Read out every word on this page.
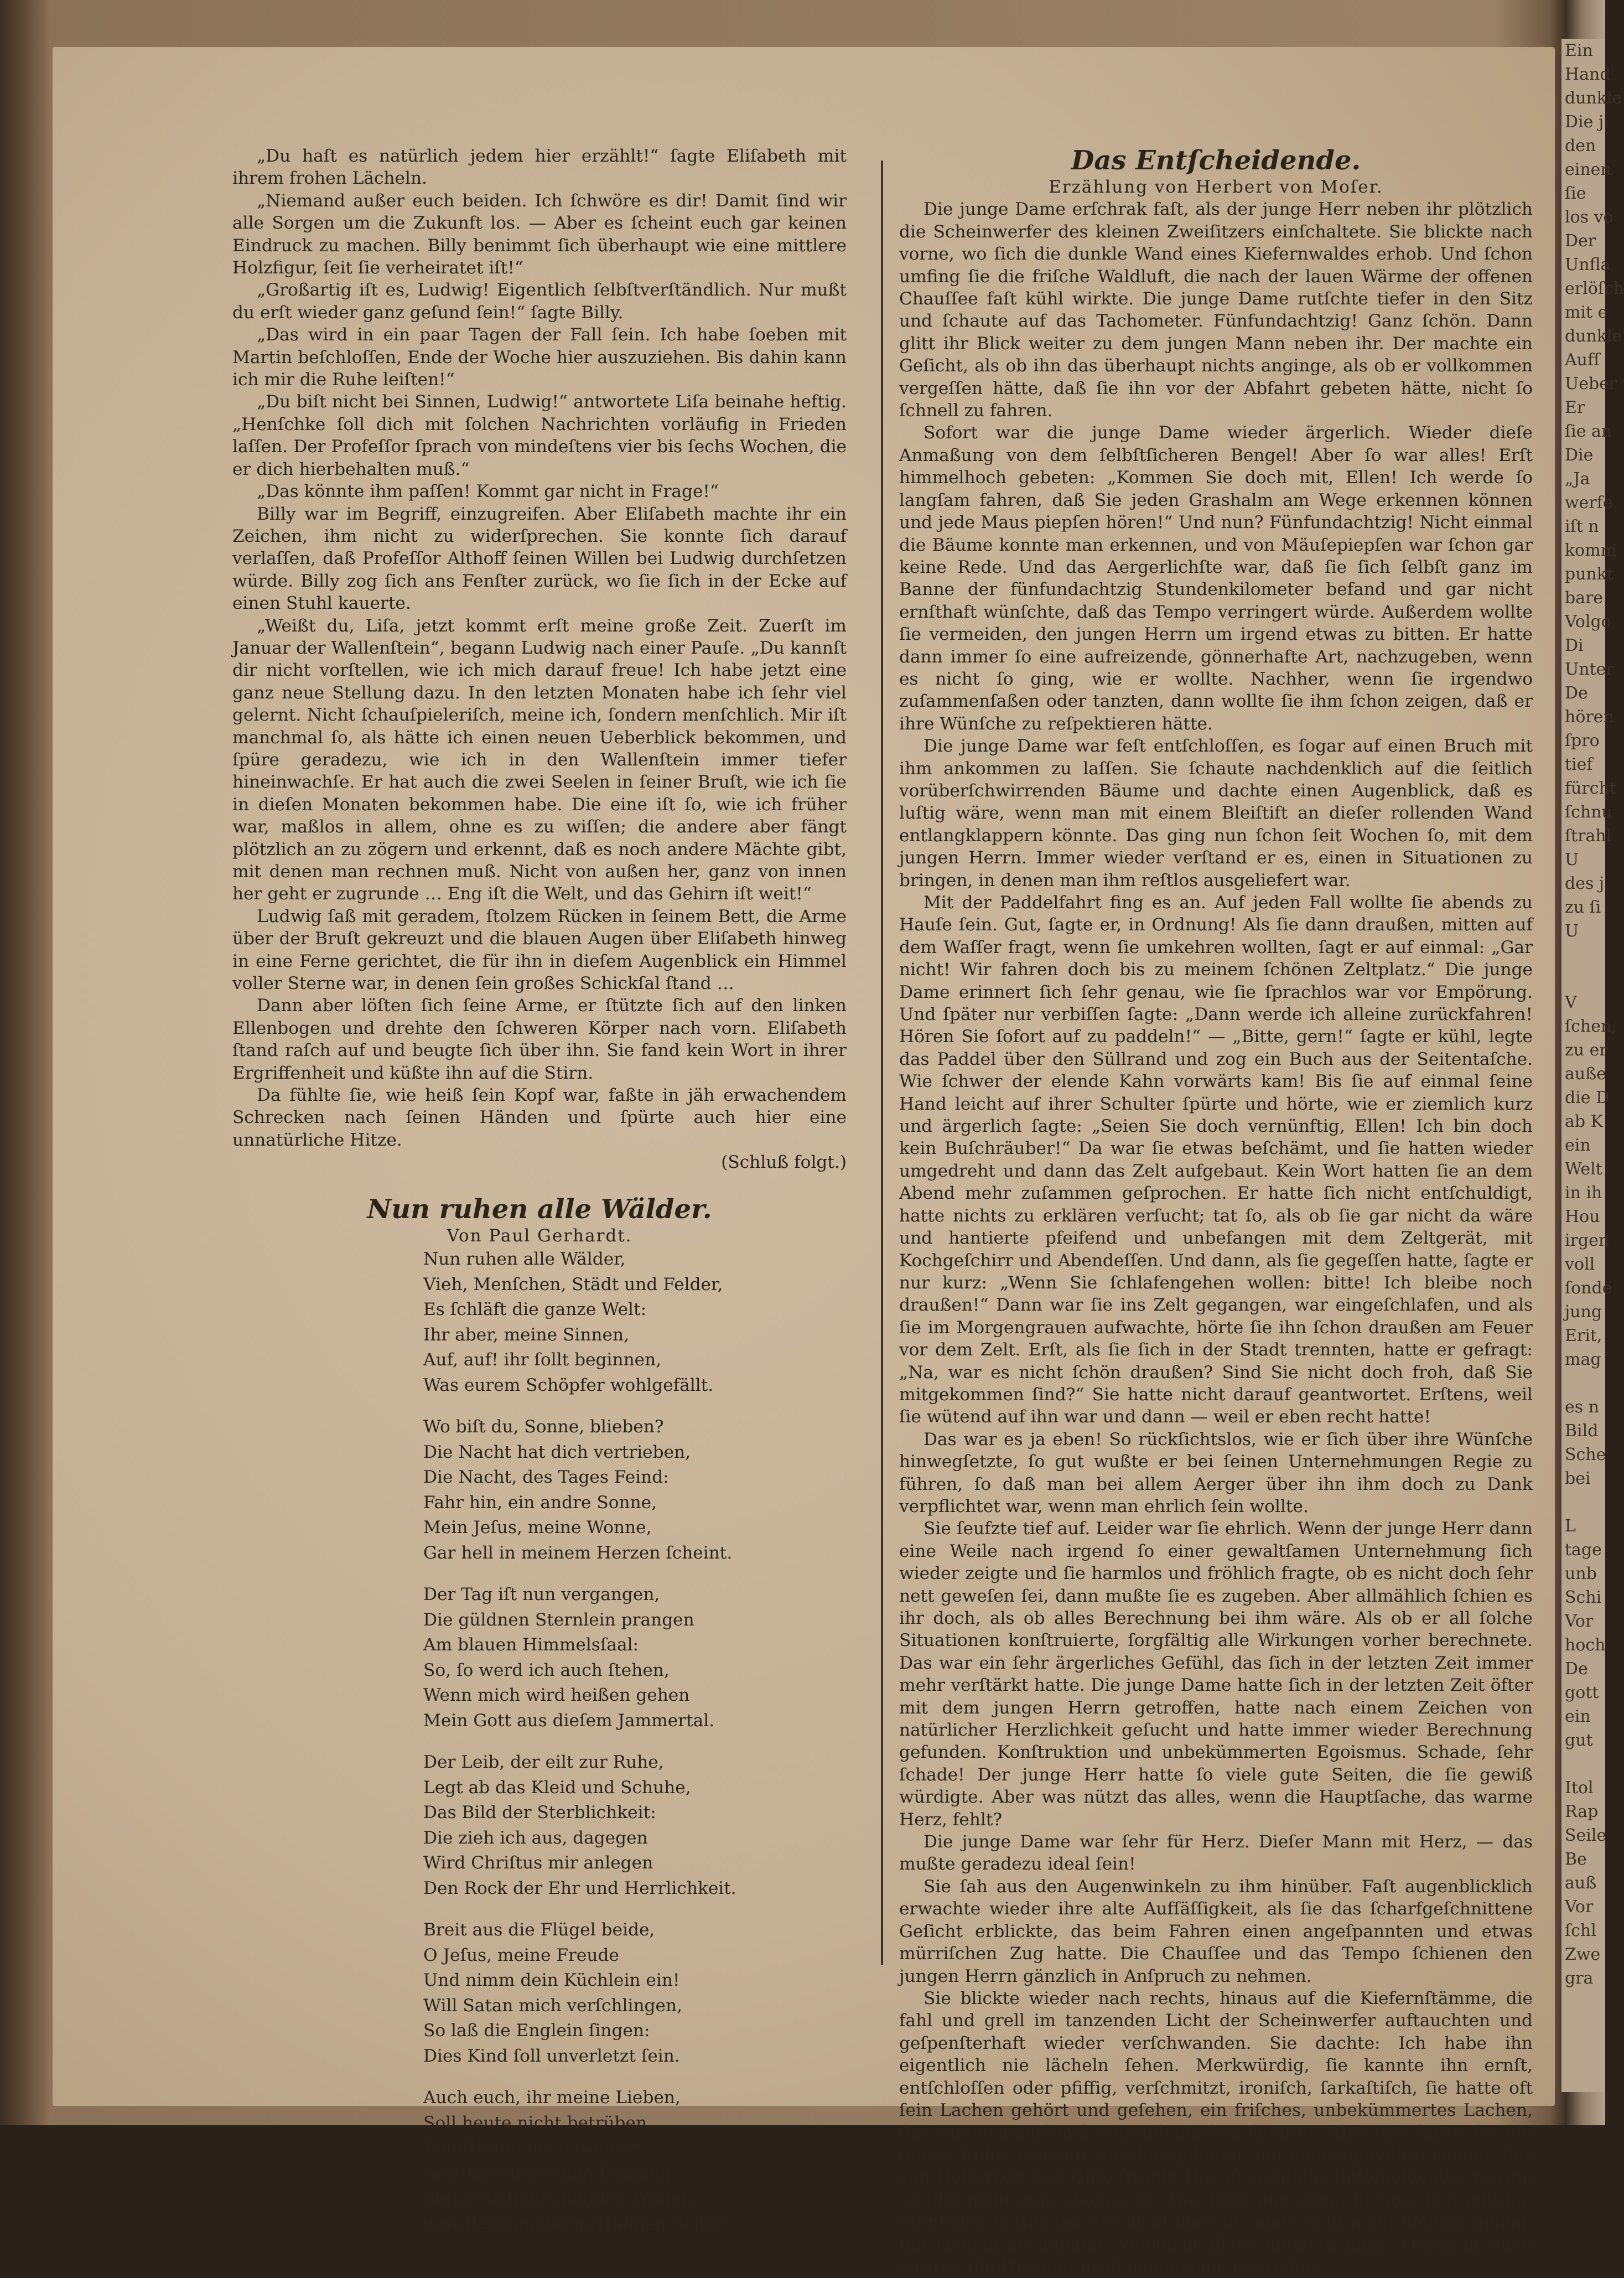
Ein
Hand
dunkle
Die j
den
einen
ſie
los vo
Der
Unfla
erlöſch
mit e
dunkle
Aufſ
Ueber
Er
ſie an
Die
„Ja
werfe
iſt n
komm
punkt
bare
Volgo
Di
Unter
De
hören
ſpro
tief
fürcht
ſchnu
ſtrahl
U
des j
zu ſi
U

V
ſchen,
zu er
auße
die D
ab K
ein
Welt
in ih
Hou
irgen
voll
ſonde
jung
Erit,
mag

es n
Bild
Sche
bei

L
tage
unb
Schi
Vor
hoch
De
gott
ein
gut

Itol
Rap
Seile
Be
auß
Vor
ſchl
Zwe
gra

„Du haſt es natürlich jedem hier erzählt!“ ſagte Eliſabeth mit ihrem frohen Lächeln.

„Niemand außer euch beiden. Ich ſchwöre es dir! Damit ſind wir alle Sorgen um die Zukunft los. — Aber es ſcheint euch gar keinen Eindruck zu machen. Billy benimmt ſich überhaupt wie eine mittlere Holzfigur, ſeit ſie verheiratet iſt!“

„Großartig iſt es, Ludwig! Eigentlich ſelbſtverſtändlich. Nur mußt du erſt wieder ganz geſund ſein!“ ſagte Billy.

„Das wird in ein paar Tagen der Fall ſein. Ich habe ſoeben mit Martin beſchloſſen, Ende der Woche hier auszuziehen. Bis dahin kann ich mir die Ruhe leiſten!“

„Du biſt nicht bei Sinnen, Ludwig!“ antwortete Liſa beinahe heftig. „Henſchke ſoll dich mit ſolchen Nachrichten vorläufig in Frieden laſſen. Der Profeſſor ſprach von mindeſtens vier bis ſechs Wochen, die er dich hierbehalten muß.“

„Das könnte ihm paſſen! Kommt gar nicht in Frage!“

Billy war im Begriff, einzugreifen. Aber Eliſabeth machte ihr ein Zeichen, ihm nicht zu widerſprechen. Sie konnte ſich darauf verlaſſen, daß Profeſſor Althoff ſeinen Willen bei Ludwig durchſetzen würde. Billy zog ſich ans Fenſter zurück, wo ſie ſich in der Ecke auf einen Stuhl kauerte.

„Weißt du, Liſa, jetzt kommt erſt meine große Zeit. Zuerſt im Januar der Wallenſtein“, begann Ludwig nach einer Pauſe. „Du kannſt dir nicht vorſtellen, wie ich mich darauf freue! Ich habe jetzt eine ganz neue Stellung dazu. In den letzten Monaten habe ich ſehr viel gelernt. Nicht ſchauſpieleriſch, meine ich, ſondern menſchlich. Mir iſt manchmal ſo, als hätte ich einen neuen Ueberblick bekommen, und ſpüre geradezu, wie ich in den Wallenſtein immer tiefer hineinwachſe. Er hat auch die zwei Seelen in ſeiner Bruſt, wie ich ſie in dieſen Monaten bekommen habe. Die eine iſt ſo, wie ich früher war, maßlos in allem, ohne es zu wiſſen; die andere aber fängt plötzlich an zu zögern und erkennt, daß es noch andere Mächte gibt, mit denen man rechnen muß. Nicht von außen her, ganz von innen her geht er zugrunde … Eng iſt die Welt, und das Gehirn iſt weit!“

Ludwig ſaß mit geradem, ſtolzem Rücken in ſeinem Bett, die Arme über der Bruſt gekreuzt und die blauen Augen über Eliſabeth hinweg in eine Ferne gerichtet, die für ihn in dieſem Augenblick ein Himmel voller Sterne war, in denen ſein großes Schickſal ſtand …

Dann aber löſten ſich ſeine Arme, er ſtützte ſich auf den linken Ellenbogen und drehte den ſchweren Körper nach vorn. Eliſabeth ſtand raſch auf und beugte ſich über ihn. Sie fand kein Wort in ihrer Ergriffenheit und küßte ihn auf die Stirn.

Da fühlte ſie, wie heiß ſein Kopf war, faßte in jäh erwachendem Schrecken nach ſeinen Händen und ſpürte auch hier eine unnatürliche Hitze.

(Schluß folgt.)

Nun ruhen alle Wälder.

Von Paul Gerhardt.

Nun ruhen alle Wälder,
Vieh, Menſchen, Städt und Felder,
Es ſchläft die ganze Welt:
Ihr aber, meine Sinnen,
Auf, auf! ihr ſollt beginnen,
Was eurem Schöpfer wohlgefällt.
Wo biſt du, Sonne, blieben?
Die Nacht hat dich vertrieben,
Die Nacht, des Tages Feind:
Fahr hin, ein andre Sonne,
Mein Jeſus, meine Wonne,
Gar hell in meinem Herzen ſcheint.
Der Tag iſt nun vergangen,
Die güldnen Sternlein prangen
Am blauen Himmelsſaal:
So, ſo werd ich auch ſtehen,
Wenn mich wird heißen gehen
Mein Gott aus dieſem Jammertal.
Der Leib, der eilt zur Ruhe,
Legt ab das Kleid und Schuhe,
Das Bild der Sterblichkeit:
Die zieh ich aus, dagegen
Wird Chriſtus mir anlegen
Den Rock der Ehr und Herrlichkeit.
Breit aus die Flügel beide,
O Jeſus, meine Freude
Und nimm dein Küchlein ein!
Will Satan mich verſchlingen,
So laß die Englein ſingen:
Dies Kind ſoll unverletzt ſein.
Auch euch, ihr meine Lieben,
Soll heute nicht betrüben
Kein Unfall noch Gefahr!
Gott laß euch ruhig ſchlafen,
Stellt euch die güldnen Waffen
ums Bett und ſeiner Helden Schar!

Das Entſcheidende.

Erzählung von Herbert von Moſer.

Die junge Dame erſchrak faſt, als der junge Herr neben ihr plötzlich die Scheinwerfer des kleinen Zweiſitzers einſchaltete. Sie blickte nach vorne, wo ſich die dunkle Wand eines Kiefernwaldes erhob. Und ſchon umfing ſie die friſche Waldluft, die nach der lauen Wärme der offenen Chauſſee faſt kühl wirkte. Die junge Dame rutſchte tiefer in den Sitz und ſchaute auf das Tachometer. Fünfundachtzig! Ganz ſchön. Dann glitt ihr Blick weiter zu dem jungen Mann neben ihr. Der machte ein Geſicht, als ob ihn das überhaupt nichts anginge, als ob er vollkommen vergeſſen hätte, daß ſie ihn vor der Abfahrt gebeten hätte, nicht ſo ſchnell zu fahren.

Sofort war die junge Dame wieder ärgerlich. Wieder dieſe Anmaßung von dem ſelbſtſicheren Bengel! Aber ſo war alles! Erſt himmelhoch gebeten: „Kommen Sie doch mit, Ellen! Ich werde ſo langſam fahren, daß Sie jeden Grashalm am Wege erkennen können und jede Maus piepſen hören!“ Und nun? Fünfundachtzig! Nicht einmal die Bäume konnte man erkennen, und von Mäuſepiepſen war ſchon gar keine Rede. Und das Aergerlichſte war, daß ſie ſich ſelbſt ganz im Banne der fünfundachtzig Stundenkilometer befand und gar nicht ernſthaft wünſchte, daß das Tempo verringert würde. Außerdem wollte ſie vermeiden, den jungen Herrn um irgend etwas zu bitten. Er hatte dann immer ſo eine aufreizende, gönnerhafte Art, nachzugeben, wenn es nicht ſo ging, wie er wollte. Nachher, wenn ſie irgendwo zuſammenſaßen oder tanzten, dann wollte ſie ihm ſchon zeigen, daß er ihre Wünſche zu reſpektieren hätte.

Die junge Dame war feſt entſchloſſen, es ſogar auf einen Bruch mit ihm ankommen zu laſſen. Sie ſchaute nachdenklich auf die ſeitlich vorüberſchwirrenden Bäume und dachte einen Augenblick, daß es luſtig wäre, wenn man mit einem Bleiſtift an dieſer rollenden Wand entlangklappern könnte. Das ging nun ſchon ſeit Wochen ſo, mit dem jungen Herrn. Immer wieder verſtand er es, einen in Situationen zu bringen, in denen man ihm reſtlos ausgeliefert war.

Mit der Paddelfahrt fing es an. Auf jeden Fall wollte ſie abends zu Hauſe ſein. Gut, ſagte er, in Ordnung! Als ſie dann draußen, mitten auf dem Waſſer fragt, wenn ſie umkehren wollten, ſagt er auf einmal: „Gar nicht! Wir fahren doch bis zu meinem ſchönen Zeltplatz.“ Die junge Dame erinnert ſich ſehr genau, wie ſie ſprachlos war vor Empörung. Und ſpäter nur verbiſſen ſagte: „Dann werde ich alleine zurückfahren! Hören Sie ſofort auf zu paddeln!“ — „Bitte, gern!“ ſagte er kühl, legte das Paddel über den Süllrand und zog ein Buch aus der Seitentaſche. Wie ſchwer der elende Kahn vorwärts kam! Bis ſie auf einmal ſeine Hand leicht auf ihrer Schulter ſpürte und hörte, wie er ziemlich kurz und ärgerlich ſagte: „Seien Sie doch vernünftig, Ellen! Ich bin doch kein Buſchräuber!“ Da war ſie etwas beſchämt, und ſie hatten wieder umgedreht und dann das Zelt aufgebaut. Kein Wort hatten ſie an dem Abend mehr zuſammen geſprochen. Er hatte ſich nicht entſchuldigt, hatte nichts zu erklären verſucht; tat ſo, als ob ſie gar nicht da wäre und hantierte pfeifend und unbefangen mit dem Zeltgerät, mit Kochgeſchirr und Abendeſſen. Und dann, als ſie gegeſſen hatte, ſagte er nur kurz: „Wenn Sie ſchlafengehen wollen: bitte! Ich bleibe noch draußen!“ Dann war ſie ins Zelt gegangen, war eingeſchlafen, und als ſie im Morgengrauen aufwachte, hörte ſie ihn ſchon draußen am Feuer vor dem Zelt. Erſt, als ſie ſich in der Stadt trennten, hatte er gefragt: „Na, war es nicht ſchön draußen? Sind Sie nicht doch froh, daß Sie mitgekommen ſind?“ Sie hatte nicht darauf geantwortet. Erſtens, weil ſie wütend auf ihn war und dann — weil er eben recht hatte!

Das war es ja eben! So rückſichtslos, wie er ſich über ihre Wünſche hinwegſetzte, ſo gut wußte er bei ſeinen Unternehmungen Regie zu führen, ſo daß man bei allem Aerger über ihn ihm doch zu Dank verpflichtet war, wenn man ehrlich ſein wollte.

Sie ſeufzte tief auf. Leider war ſie ehrlich. Wenn der junge Herr dann eine Weile nach irgend ſo einer gewaltſamen Unternehmung ſich wieder zeigte und ſie harmlos und fröhlich fragte, ob es nicht doch ſehr nett geweſen ſei, dann mußte ſie es zugeben. Aber allmählich ſchien es ihr doch, als ob alles Berechnung bei ihm wäre. Als ob er all ſolche Situationen konſtruierte, ſorgfältig alle Wirkungen vorher berechnete. Das war ein ſehr ärgerliches Gefühl, das ſich in der letzten Zeit immer mehr verſtärkt hatte. Die junge Dame hatte ſich in der letzten Zeit öfter mit dem jungen Herrn getroffen, hatte nach einem Zeichen von natürlicher Herzlichkeit geſucht und hatte immer wieder Berechnung gefunden. Konſtruktion und unbekümmerten Egoismus. Schade, ſehr ſchade! Der junge Herr hatte ſo viele gute Seiten, die ſie gewiß würdigte. Aber was nützt das alles, wenn die Hauptſache, das warme Herz, fehlt?

Die junge Dame war ſehr für Herz. Dieſer Mann mit Herz, — das mußte geradezu ideal ſein!

Sie ſah aus den Augenwinkeln zu ihm hinüber. Faſt augenblicklich erwachte wieder ihre alte Aufſäſſigkeit, als ſie das ſcharfgeſchnittene Geſicht erblickte, das beim Fahren einen angeſpannten und etwas mürriſchen Zug hatte. Die Chauſſee und das Tempo ſchienen den jungen Herrn gänzlich in Anſpruch zu nehmen.

Sie blickte wieder nach rechts, hinaus auf die Kiefernſtämme, die fahl und grell im tanzenden Licht der Scheinwerfer auftauchten und geſpenſterhaft wieder verſchwanden. Sie dachte: Ich habe ihn eigentlich nie lächeln ſehen. Merkwürdig, ſie kannte ihn ernſt, entſchloſſen oder pfiffig, verſchmitzt, ironiſch, ſarkaſtiſch, ſie hatte oft ſein Lachen gehört und geſehen, ein friſches, unbekümmertes Lachen, das einen manchmal wütend machen konnte. Aber nie hatte ſie ein gutes, ſtilles Lächeln von ihm geſehen, nie dieſes gewiſſe Lächeln, das von Heiterkeit und Güte ſtrahlt. Das iſt wohl das Entſcheidende, warum ich ihn nicht mag, dachte ſie. Das fehlt ihm eben. Er boxt ſich mit den Menſchen herum oder er lacht über ſie, aber er iſt nicht Menſch genug, um lächeln zu können. Vielleicht iſt er noch zu jung. Vielleicht auch wird er die Weisheit des Lächelns nie begreifen …
